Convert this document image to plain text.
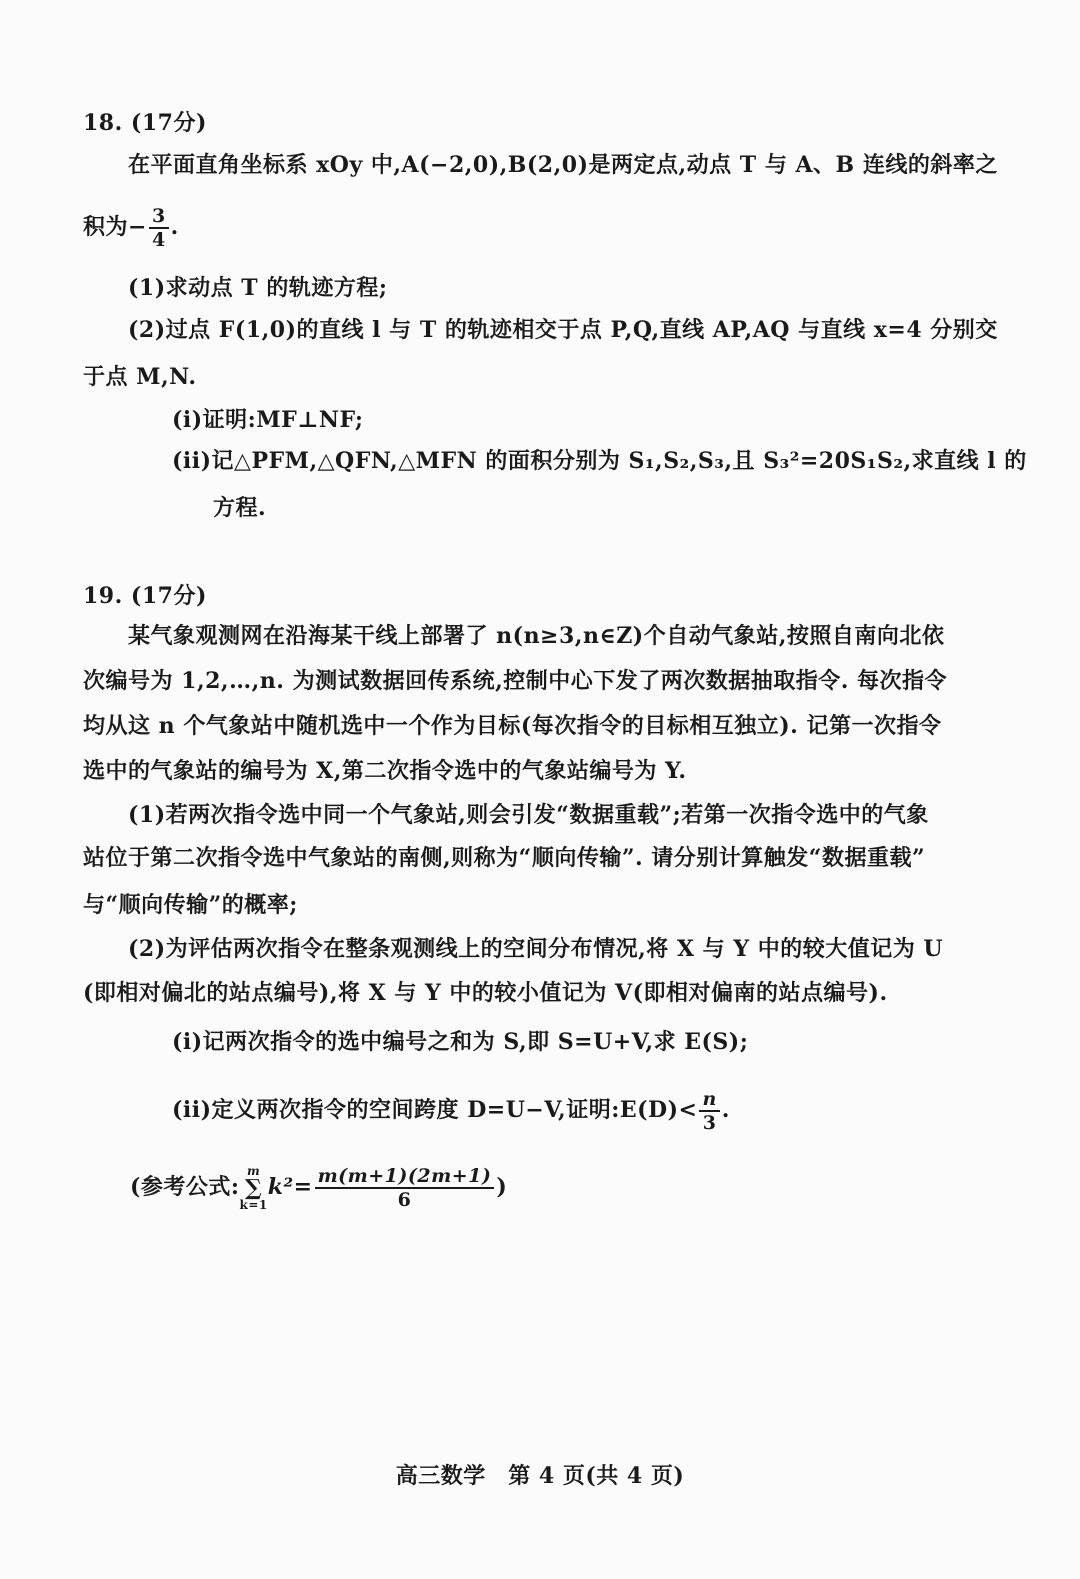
18. (17分)
在平面直角坐标系 xOy 中,A(−2,0),B(2,0)是两定点,动点 T 与 A、B 连线的斜率之
积为− $\frac{3}{4}$ .
(1)求动点 T 的轨迹方程;
(2)过点 F(1,0)的直线 l 与 T 的轨迹相交于点 P,Q,直线 AP,AQ 与直线 x=4 分别交
于点 M,N.
(i)证明:MF⊥NF;
(ii)记△PFM,△QFN,△MFN 的面积分别为 S₁,S₂,S₃,且 S₃²=20S₁S₂,求直线 l 的
方程.
19. (17分)
某气象观测网在沿海某干线上部署了 n(n≥3,n∈Z)个自动气象站,按照自南向北依
次编号为 1,2,…,n. 为测试数据回传系统,控制中心下发了两次数据抽取指令. 每次指令
均从这 n 个气象站中随机选中一个作为目标(每次指令的目标相互独立). 记第一次指令
选中的气象站的编号为 X,第二次指令选中的气象站编号为 Y.
(1)若两次指令选中同一个气象站,则会引发“数据重载”;若第一次指令选中的气象
站位于第二次指令选中气象站的南侧,则称为“顺向传输”. 请分别计算触发“数据重载”
与“顺向传输”的概率;
(2)为评估两次指令在整条观测线上的空间分布情况,将 X 与 Y 中的较大值记为 U
(即相对偏北的站点编号),将 X 与 Y 中的较小值记为 V(即相对偏南的站点编号).
(i)记两次指令的选中编号之和为 S,即 S=U+V,求 E(S);
(ii)定义两次指令的空间跨度 D=U−V,证明:E(D)< $\frac{n}{3}$ .
(参考公式:
m
∑
k=1
$k^2= \frac{m(m+1)(2m+1)}{6}$ )
高三数学　第 4 页(共 4 页)
